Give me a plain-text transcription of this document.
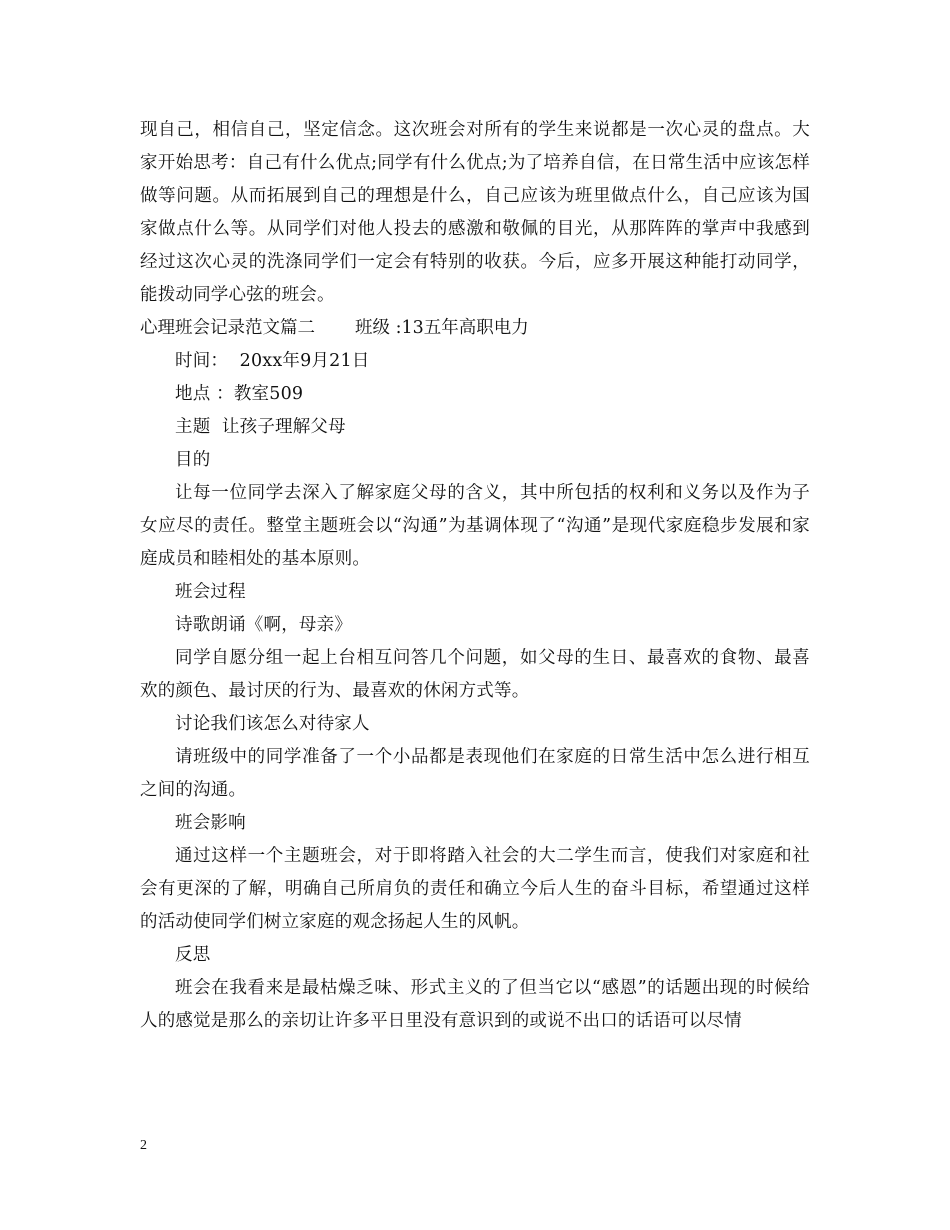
现自己，相信自己，坚定信念。这次班会对所有的学生来说都是一次心灵的盘点。大家开始思考：自己有什么优点;同学有什么优点;为了培养自信，在日常生活中应该怎样做等问题。从而拓展到自己的理想是什么，自己应该为班里做点什么，自己应该为国家做点什么等。从同学们对他人投去的感激和敬佩的目光，从那阵阵的掌声中我感到经过这次心灵的洗涤同学们一定会有特别的收获。今后，应多开展这种能打动同学，能拨动同学心弦的班会。

心理班会记录范文篇二 班级 :13五年高职电力

时间：  20xx年9月21日

地点 ：教室509

主题  让孩子理解父母

目的

让每一位同学去深入了解家庭父母的含义，其中所包括的权利和义务以及作为子女应尽的责任。整堂主题班会以“沟通”为基调体现了“沟通”是现代家庭稳步发展和家庭成员和睦相处的基本原则。

班会过程

诗歌朗诵《啊，母亲》

同学自愿分组一起上台相互问答几个问题，如父母的生日、最喜欢的食物、最喜欢的颜色、最讨厌的行为、最喜欢的休闲方式等。

讨论我们该怎么对待家人

请班级中的同学准备了一个小品都是表现他们在家庭的日常生活中怎么进行相互之间的沟通。

班会影响

通过这样一个主题班会，对于即将踏入社会的大二学生而言，使我们对家庭和社会有更深的了解，明确自己所肩负的责任和确立今后人生的奋斗目标，希望通过这样的活动使同学们树立家庭的观念扬起人生的风帆。

反思

班会在我看来是最枯燥乏味、形式主义的了但当它以“感恩”的话题出现的时候给人的感觉是那么的亲切让许多平日里没有意识到的或说不出口的话语可以尽情

2
